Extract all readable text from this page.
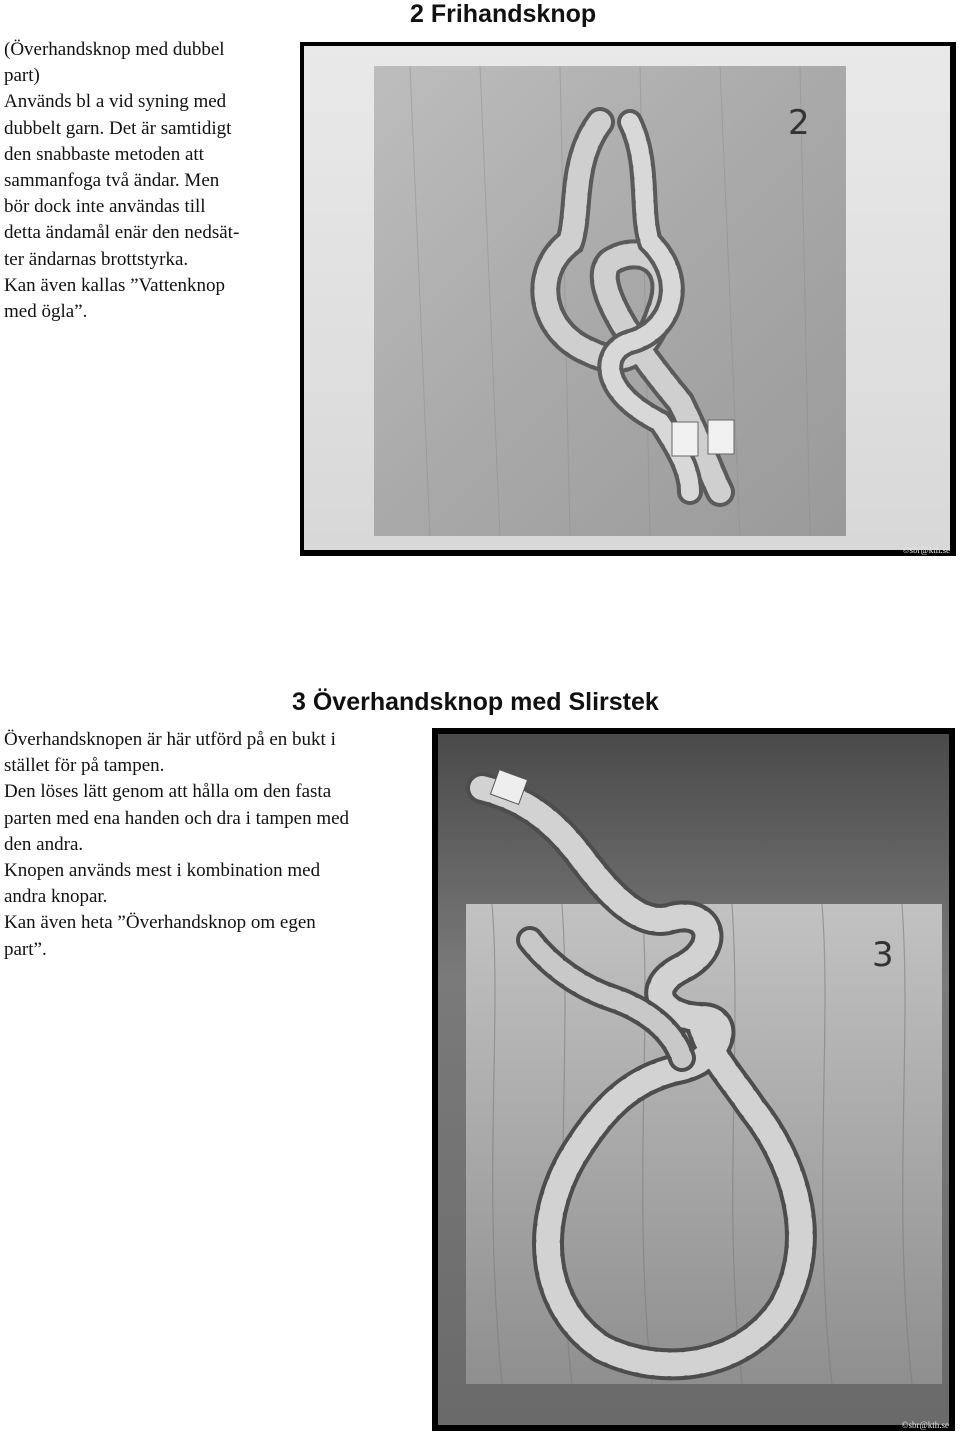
2 Frihandsknop
(Överhandsknop med dubbel
part)
Används bl a vid syning med
dubbelt garn. Det är samtidigt
den snabbaste metoden att
sammanfoga två ändar. Men
bör dock inte användas till
detta ändamål enär den nedsät-
ter ändarnas brottstyrka.
Kan även kallas ”Vattenknop
med ögla”.
2
©sbr@kth.se
3 Överhandsknop med Slirstek
Överhandsknopen är här utförd på en bukt i
stället för på tampen.
Den löses lätt genom att hålla om den fasta
parten med ena handen och dra i tampen med
den andra.
Knopen används mest i kombination med
andra knopar.
Kan även heta ”Överhandsknop om egen
part”.	3
©sbr@kth.se
